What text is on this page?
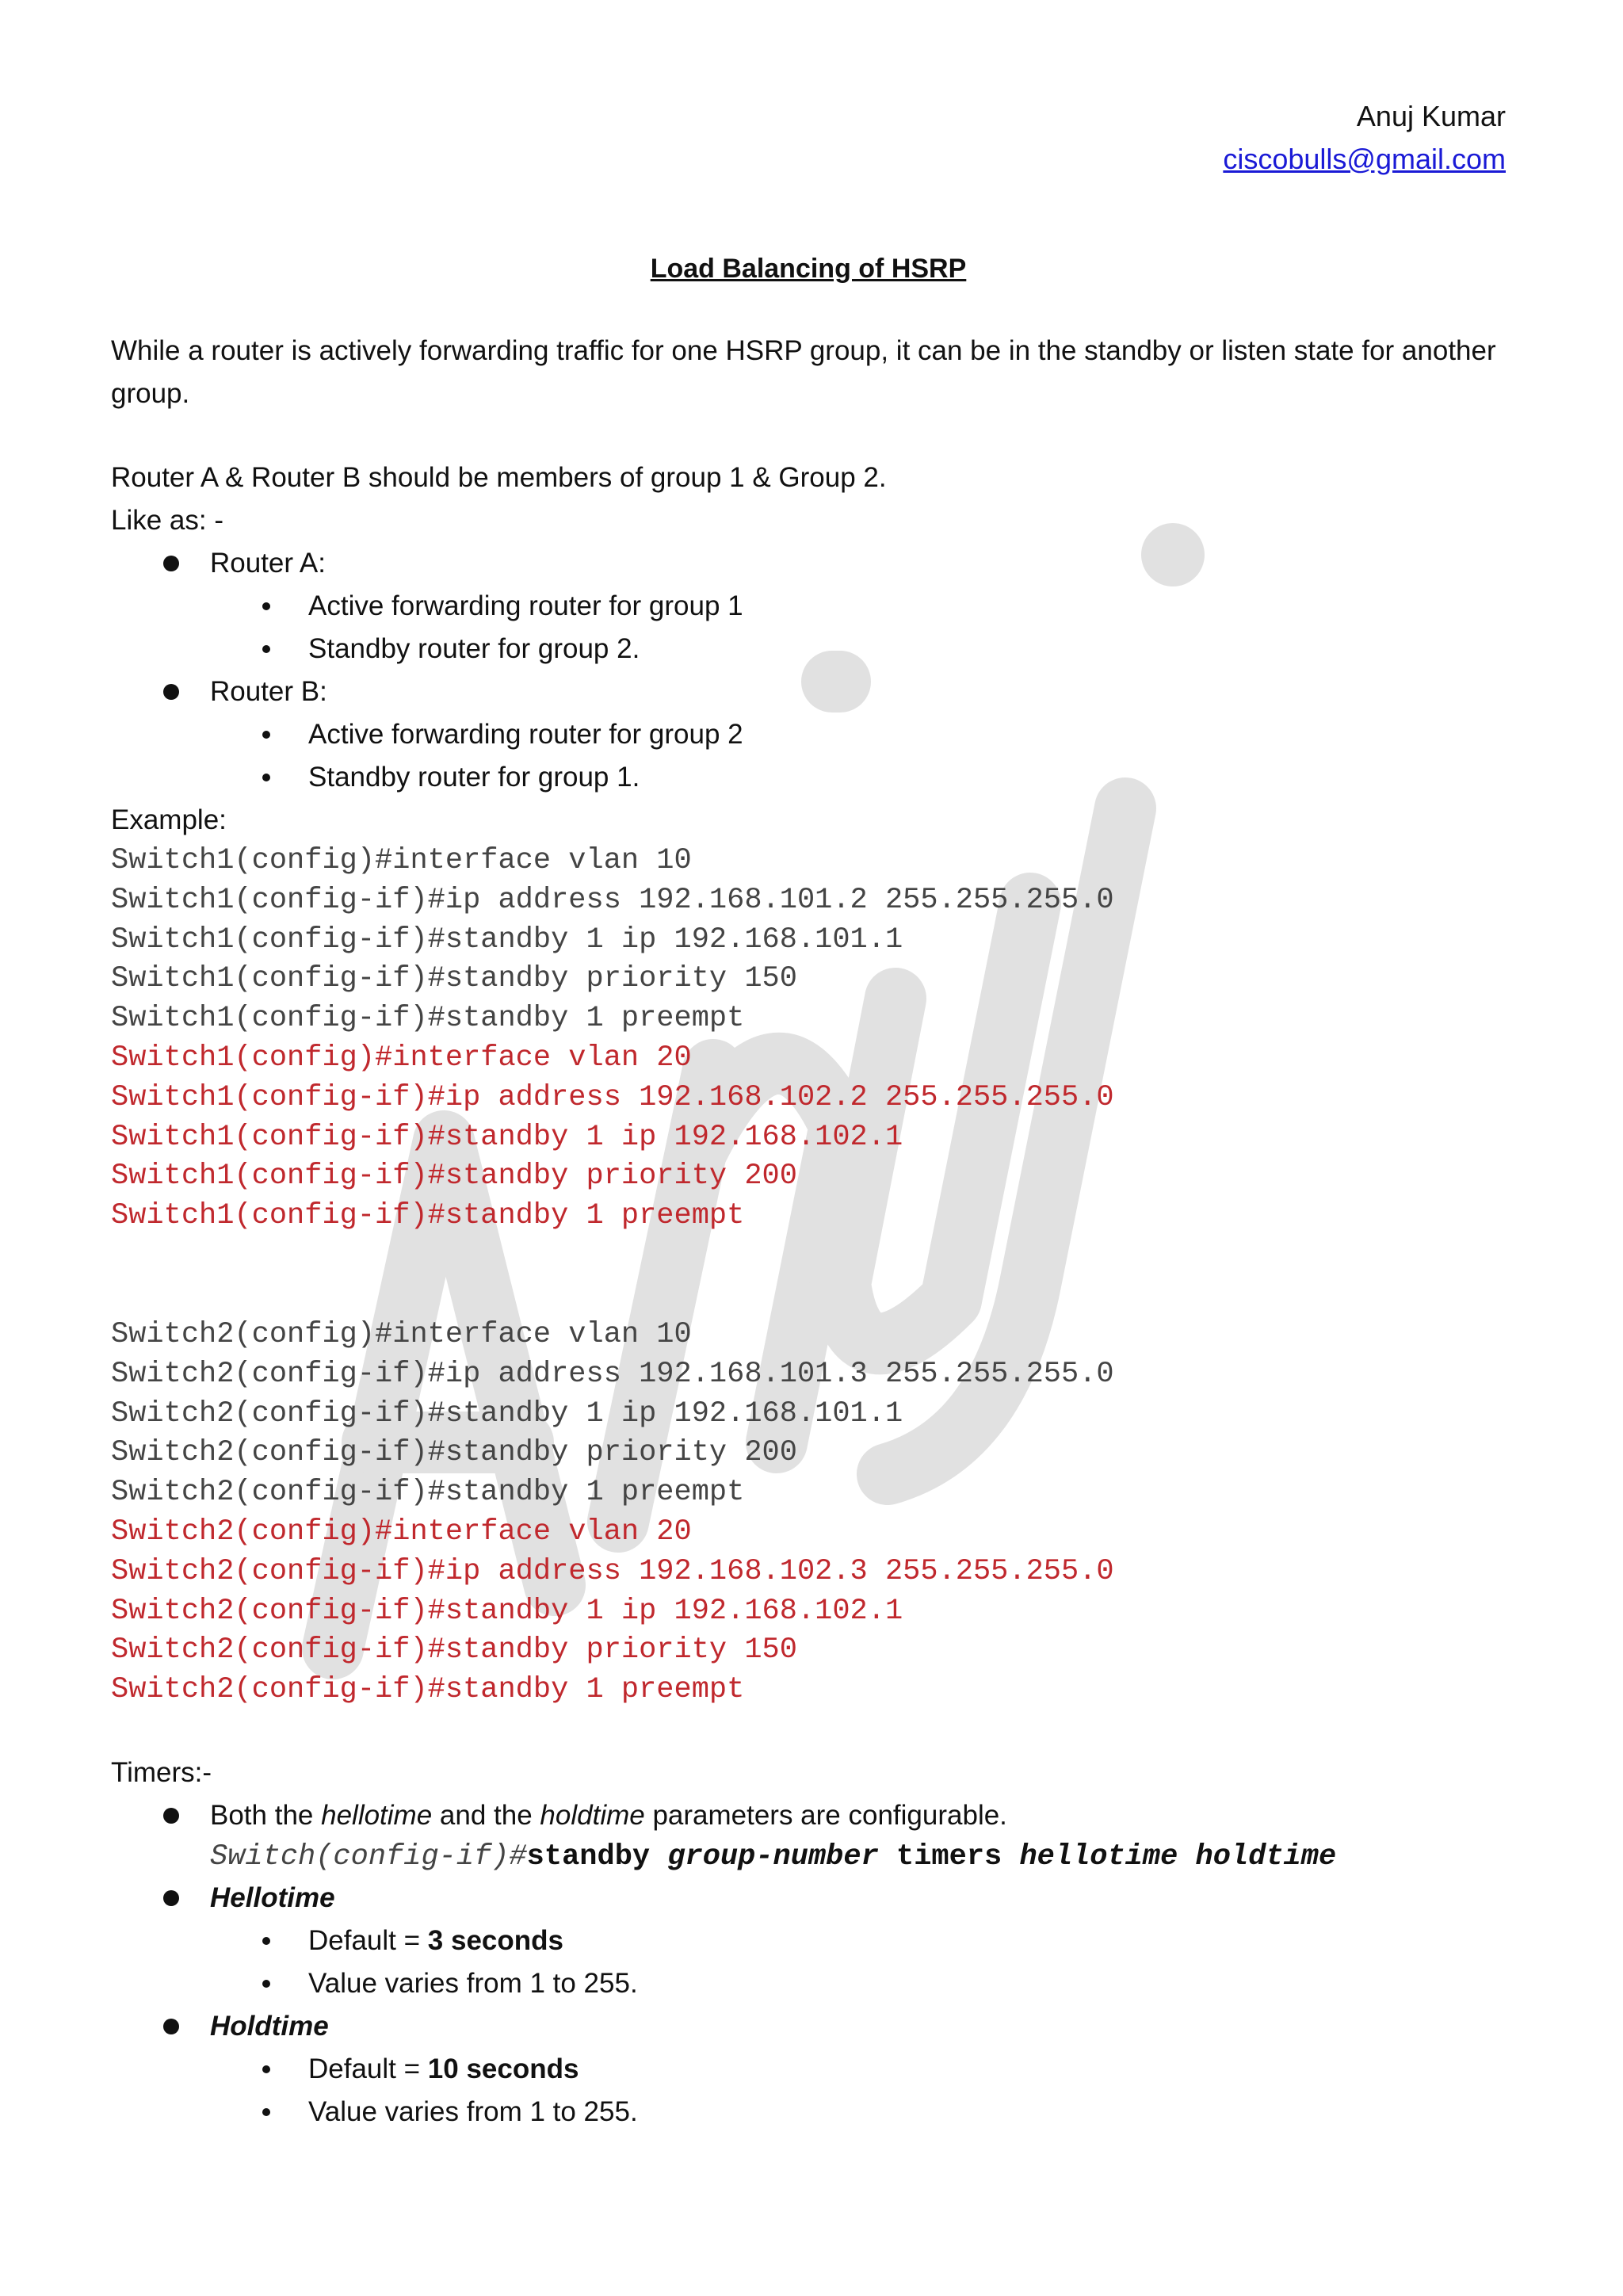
Anuj Kumar
ciscobulls@gmail.com
Load Balancing of HSRP
While a router is actively forwarding traffic for one HSRP group, it can be in the standby or listen state for another group.
Router A & Router B should be members of group 1 & Group 2.
Like as: -
Router A:
Active forwarding router for group 1
Standby router for group 2.
Router B:
Active forwarding router for group 2
Standby router for group 1.
Example:
Switch1(config)#interface vlan 10
Switch1(config-if)#ip address 192.168.101.2 255.255.255.0
Switch1(config-if)#standby 1 ip 192.168.101.1
Switch1(config-if)#standby priority 150
Switch1(config-if)#standby 1 preempt
Switch1(config)#interface vlan 20
Switch1(config-if)#ip address 192.168.102.2 255.255.255.0
Switch1(config-if)#standby 1 ip 192.168.102.1
Switch1(config-if)#standby priority 200
Switch1(config-if)#standby 1 preempt
Switch2(config)#interface vlan 10
Switch2(config-if)#ip address 192.168.101.3 255.255.255.0
Switch2(config-if)#standby 1 ip 192.168.101.1
Switch2(config-if)#standby priority 200
Switch2(config-if)#standby 1 preempt
Switch2(config)#interface vlan 20
Switch2(config-if)#ip address 192.168.102.3 255.255.255.0
Switch2(config-if)#standby 1 ip 192.168.102.1
Switch2(config-if)#standby priority 150
Switch2(config-if)#standby 1 preempt
Timers:-
Both the hellotime and the holdtime parameters are configurable.
Switch(config-if)#standby group-number timers hellotime holdtime
Hellotime
Default = 3 seconds
Value varies from 1 to 255.
Holdtime
Default = 10 seconds
Value varies from 1 to 255.
